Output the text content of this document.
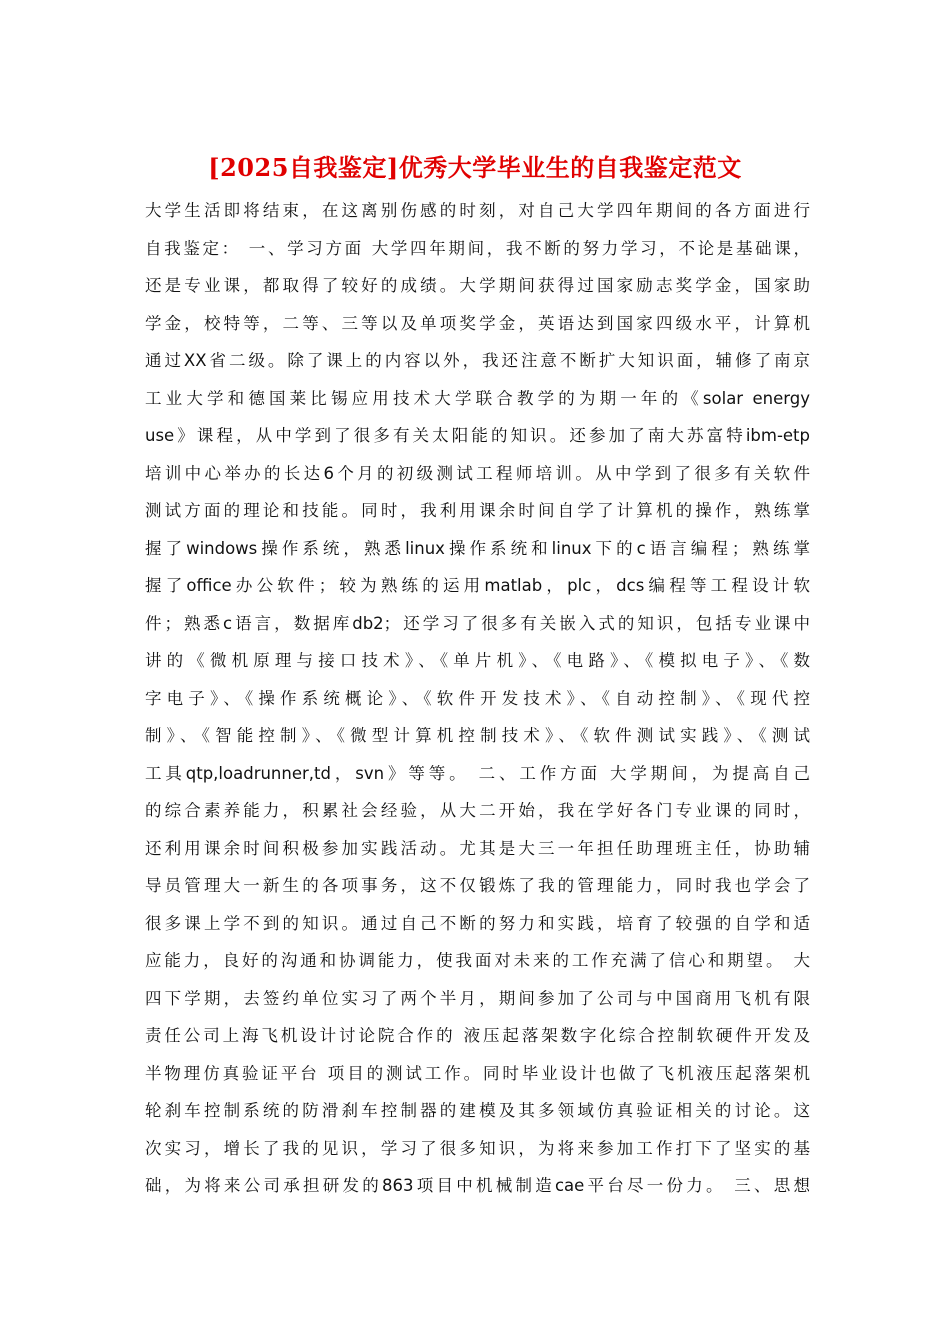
[2025自我鉴定]优秀大学毕业生的自我鉴定范文
大学生活即将结束，在这离别伤感的时刻，对自己大学四年期间的各方面进行
自我鉴定： 一、学习方面 大学四年期间，我不断的努力学习，不论是基础课，
还是专业课，都取得了较好的成绩。大学期间获得过国家励志奖学金，国家助
学金，校特等，二等、三等以及单项奖学金，英语达到国家四级水平，计算机
通过XX省二级。除了课上的内容以外，我还注意不断扩大知识面，辅修了南京
工业大学和德国莱比锡应用技术大学联合教学的为期一年的《solar energy
use》课程，从中学到了很多有关太阳能的知识。还参加了南大苏富特ibm-etp
培训中心举办的长达6个月的初级测试工程师培训。从中学到了很多有关软件
测试方面的理论和技能。同时，我利用课余时间自学了计算机的操作，熟练掌
握了windows操作系统，熟悉linux操作系统和linux下的c语言编程；熟练掌
握了office办公软件；较为熟练的运用matlab，plc，dcs编程等工程设计软
件；熟悉c语言，数据库db2；还学习了很多有关嵌入式的知识，包括专业课中
讲的《微机原理与接口技术》、《单片机》、《电路》、《模拟电子》、《数
字电子》、《操作系统概论》、《软件开发技术》、《自动控制》、《现代控
制》、《智能控制》、《微型计算机控制技术》、《软件测试实践》、《测试
工具qtp,loadrunner,td，svn》等等。 二、工作方面 大学期间，为提高自己
的综合素养能力，积累社会经验，从大二开始，我在学好各门专业课的同时，
还利用课余时间积极参加实践活动。尤其是大三一年担任助理班主任，协助辅
导员管理大一新生的各项事务，这不仅锻炼了我的管理能力，同时我也学会了
很多课上学不到的知识。通过自己不断的努力和实践，培育了较强的自学和适
应能力，良好的沟通和协调能力，使我面对未来的工作充满了信心和期望。 大
四下学期，去签约单位实习了两个半月，期间参加了公司与中国商用飞机有限
责任公司上海飞机设计讨论院合作的 液压起落架数字化综合控制软硬件开发及
半物理仿真验证平台 项目的测试工作。同时毕业设计也做了飞机液压起落架机
轮刹车控制系统的防滑刹车控制器的建模及其多领域仿真验证相关的讨论。这
次实习，增长了我的见识，学习了很多知识，为将来参加工作打下了坚实的基
础，为将来公司承担研发的863项目中机械制造cae平台尽一份力。 三、思想
